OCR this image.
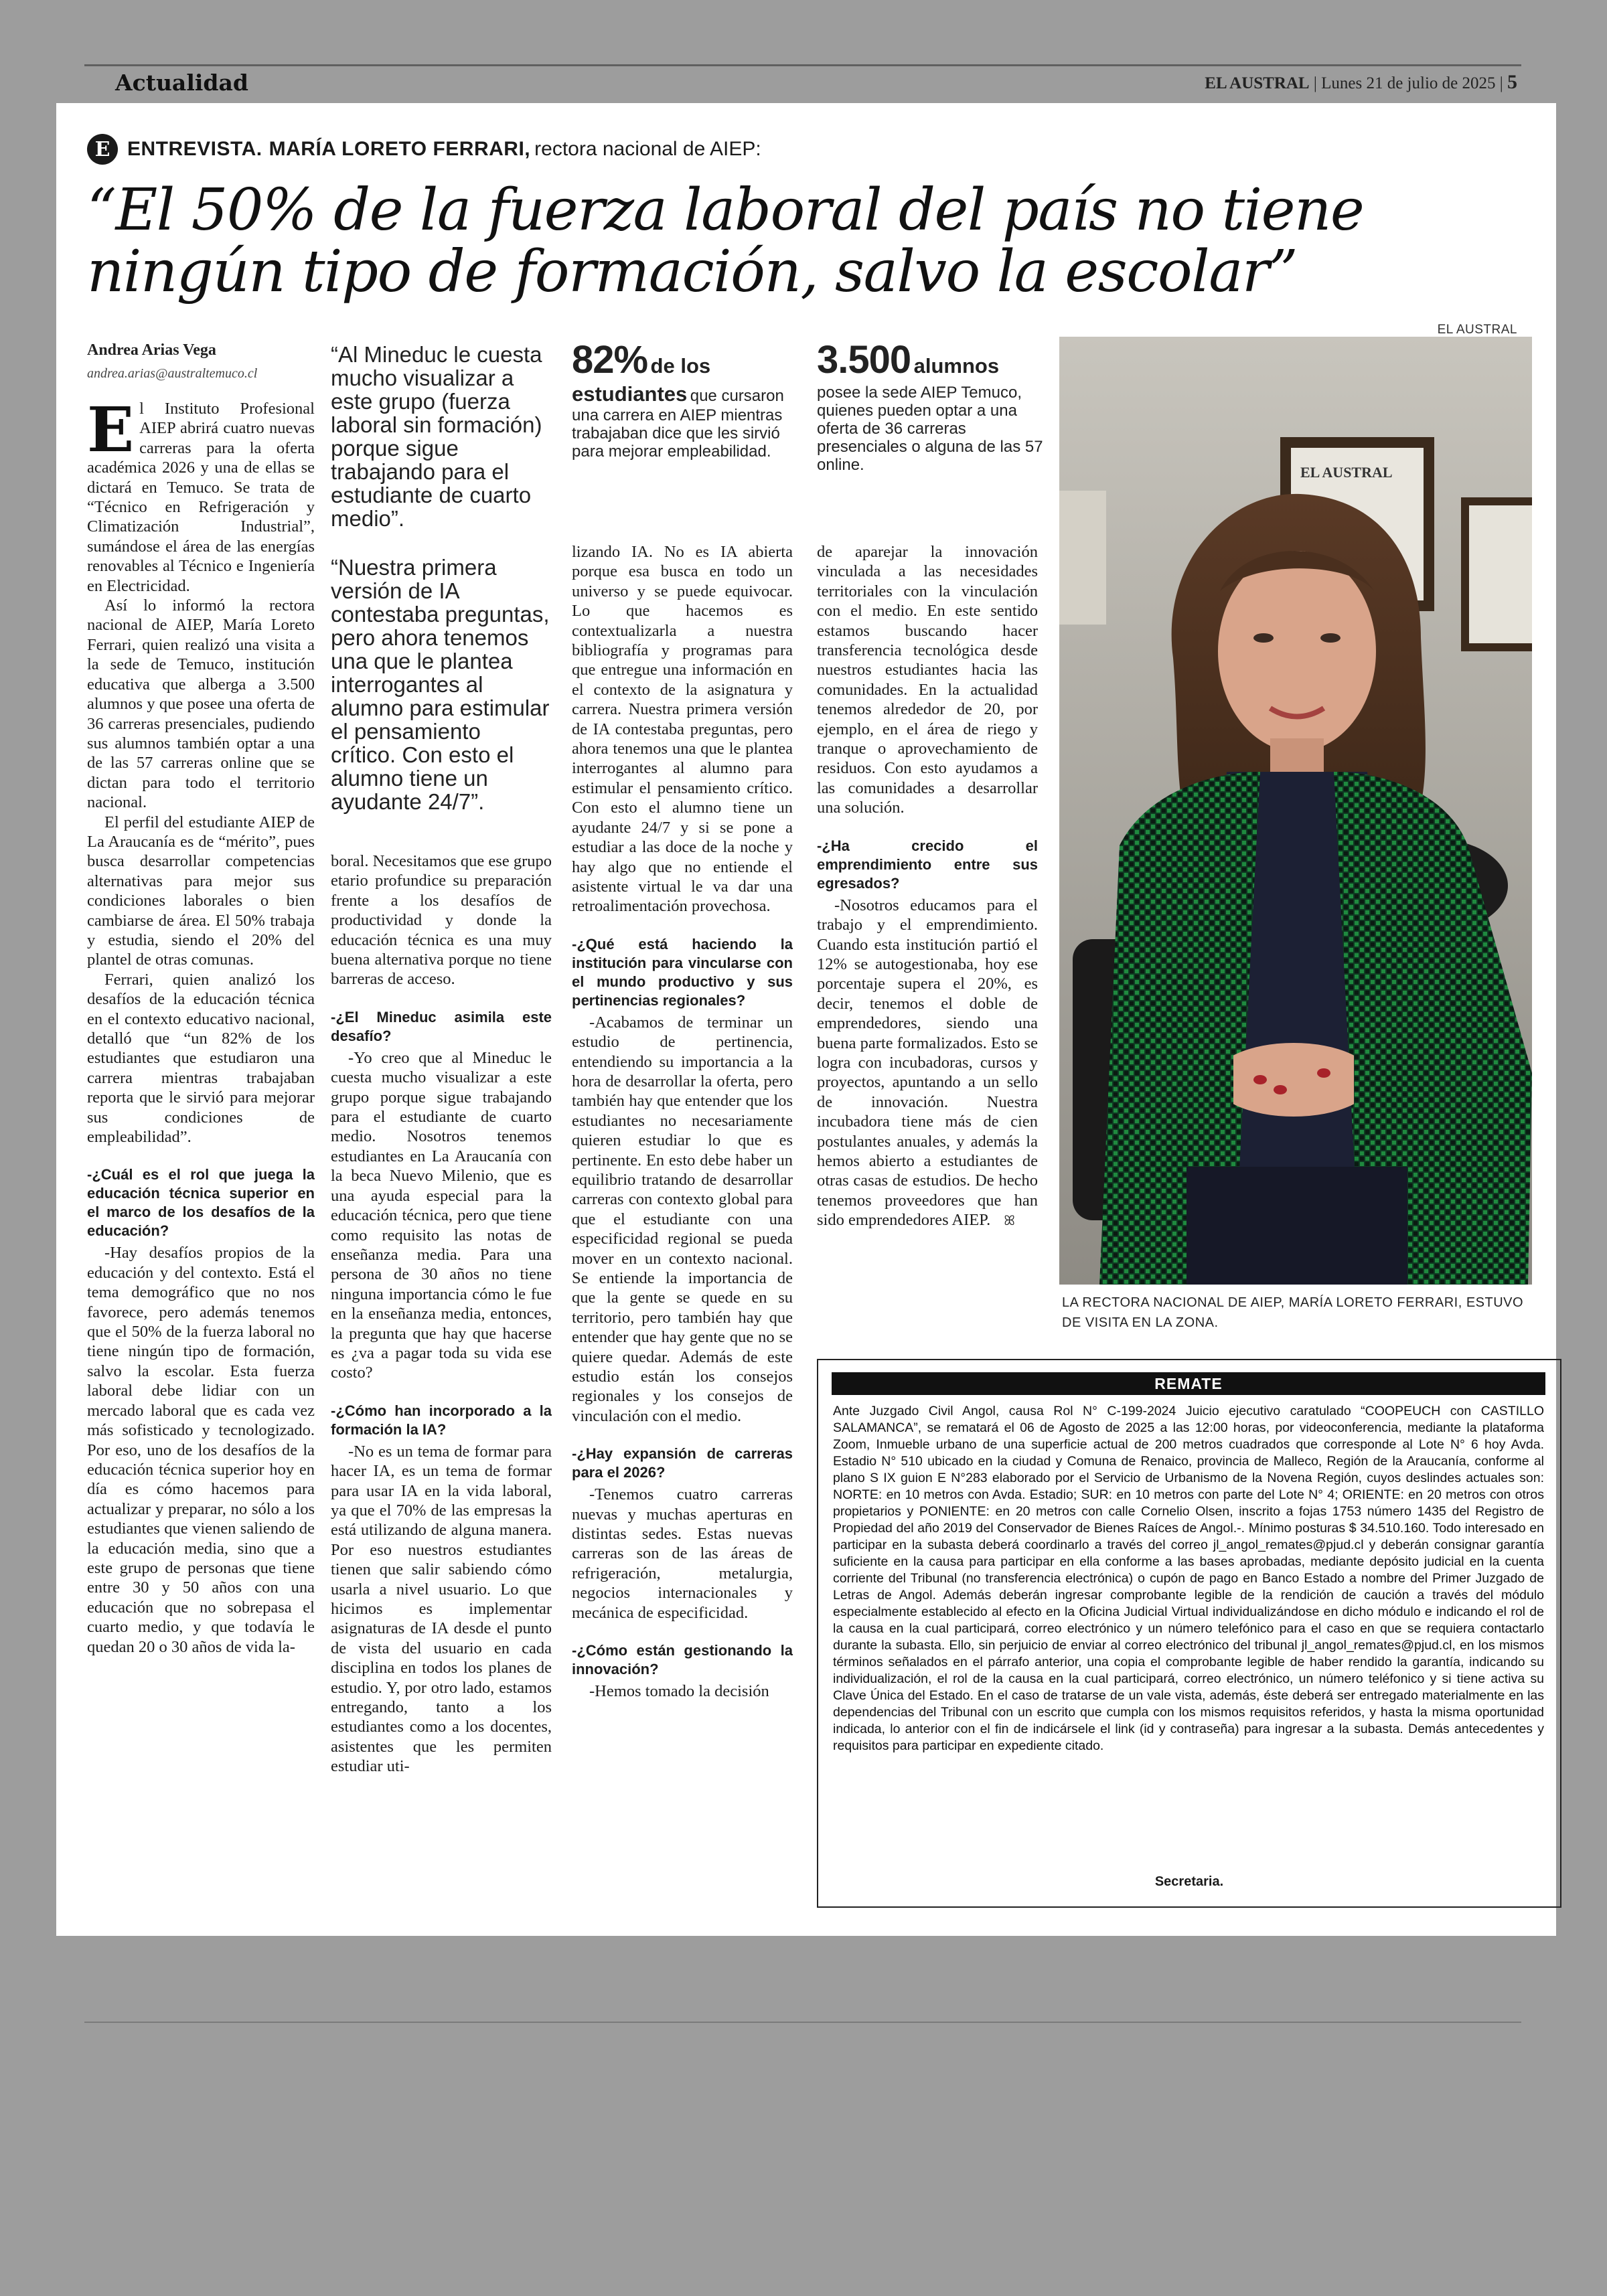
Actualidad	EL AUSTRAL | Lunes 21 de julio de 2025 | 5
E ENTREVISTA. MARÍA LORETO FERRARI, rectora nacional de AIEP:
“El 50% de la fuerza laboral del país no tiene ningún tipo de formación, salvo la escolar”
EL AUSTRAL
Andrea Arias Vega
andrea.arias@australtemuco.cl

El Instituto Profesional AIEP abrirá cuatro nuevas carreras para la oferta académica 2026 y una de ellas se dictará en Temuco. Se trata de “Técnico en Refrigeración y Climatización Industrial”, sumándose el área de las energías renovables al Técnico e Ingeniería en Electricidad.

Así lo informó la rectora nacional de AIEP, María Loreto Ferrari, quien realizó una visita a la sede de Temuco, institución educativa que alberga a 3.500 alumnos y que posee una oferta de 36 carreras presenciales, pudiendo sus alumnos también optar a una de las 57 carreras online que se dictan para todo el territorio nacional.

El perfil del estudiante AIEP de La Araucanía es de “mérito”, pues busca desarrollar competencias alternativas para mejor sus condiciones laborales o bien cambiarse de área. El 50% trabaja y estudia, siendo el 20% del plantel de otras comunas.

Ferrari, quien analizó los desafíos de la educación técnica en el contexto educativo nacional, detalló que “un 82% de los estudiantes que estudiaron una carrera mientras trabajaban reporta que le sirvió para mejorar sus condiciones de empleabilidad”.

-¿Cuál es el rol que juega la educación técnica superior en el marco de los desafíos de la educación?

-Hay desafíos propios de la educación y del contexto. Está el tema demográfico que no nos favorece, pero además tenemos que el 50% de la fuerza laboral no tiene ningún tipo de formación, salvo la escolar. Esta fuerza laboral debe lidiar con un mercado laboral que es cada vez más sofisticado y tecnologizado. Por eso, uno de los desafíos de la educación técnica superior hoy en día es cómo hacemos para actualizar y preparar, no sólo a los estudiantes que vienen saliendo de la educación media, sino que a este grupo de personas que tiene entre 30 y 50 años con una educación que no sobrepasa el cuarto medio, y que todavía le quedan 20 o 30 años de vida la-

“Al Mineduc le cuesta mucho visualizar a este grupo (fuerza laboral sin formación) porque sigue trabajando para el estudiante de cuarto medio”.
“Nuestra primera versión de IA contestaba preguntas, pero ahora tenemos una que le plantea interrogantes al alumno para estimular el pensamiento crítico. Con esto el alumno tiene un ayudante 24/7”.

boral. Necesitamos que ese grupo etario profundice su preparación frente a los desafíos de productividad y donde la educación técnica es una muy buena alternativa porque no tiene barreras de acceso.

-¿El Mineduc asimila este desafío?

-Yo creo que al Mineduc le cuesta mucho visualizar a este grupo porque sigue trabajando para el estudiante de cuarto medio. Nosotros tenemos estudiantes en La Araucanía con la beca Nuevo Milenio, que es una ayuda especial para la educación técnica, pero que tiene como requisito las notas de enseñanza media. Para una persona de 30 años no tiene ninguna importancia cómo le fue en la enseñanza media, entonces, la pregunta que hay que hacerse es ¿va a pagar toda su vida ese costo?

-¿Cómo han incorporado a la formación la IA?

-No es un tema de formar para hacer IA, es un tema de formar para usar IA en la vida laboral, ya que el 70% de las empresas la está utilizando de alguna manera. Por eso nuestros estudiantes tienen que salir sabiendo cómo usarla a nivel usuario. Lo que hicimos es implementar asignaturas de IA desde el punto de vista del usuario en cada disciplina en todos los planes de estudio. Y, por otro lado, estamos entregando, tanto a los estudiantes como a los docentes, asistentes que les permiten estudiar uti-

82% de los estudiantes que cursaron una carrera en AIEP mientras trabajaban dice que les sirvió para mejorar empleabilidad.

lizando IA. No es IA abierta porque esa busca en todo un universo y se puede equivocar. Lo que hacemos es contextualizarla a nuestra bibliografía y programas para que entregue una información en el contexto de la asignatura y carrera. Nuestra primera versión de IA contestaba preguntas, pero ahora tenemos una que le plantea interrogantes al alumno para estimular el pensamiento crítico. Con esto el alumno tiene un ayudante 24/7 y si se pone a estudiar a las doce de la noche y hay algo que no entiende el asistente virtual le va dar una retroalimentación provechosa.

-¿Qué está haciendo la institución para vincularse con el mundo productivo y sus pertinencias regionales?

-Acabamos de terminar un estudio de pertinencia, entendiendo su importancia a la hora de desarrollar la oferta, pero también hay que entender que los estudiantes no necesariamente quieren estudiar lo que es pertinente. En esto debe haber un equilibrio tratando de desarrollar carreras con contexto global para que el estudiante con una especificidad regional se pueda mover en un contexto nacional. Se entiende la importancia de que la gente se quede en su territorio, pero también hay que entender que hay gente que no se quiere quedar. Además de este estudio están los consejos regionales y los consejos de vinculación con el medio.

-¿Hay expansión de carreras para el 2026?

-Tenemos cuatro carreras nuevas y muchas aperturas en distintas sedes. Estas nuevas carreras son de las áreas de refrigeración, metalurgia, negocios internacionales y mecánica de especificidad.

-¿Cómo están gestionando la innovación?

-Hemos tomado la decisión

3.500 alumnos
posee la sede AIEP Temuco, quienes pueden optar a una oferta de 36 carreras presenciales o alguna de las 57 online.

de aparejar la innovación vinculada a las necesidades territoriales con la vinculación con el medio. En este sentido estamos buscando hacer transferencia tecnológica desde nuestros estudiantes hacia las comunidades. En la actualidad tenemos alrededor de 20, por ejemplo, en el área de riego y tranque o aprovechamiento de residuos. Con esto ayudamos a las comunidades a desarrollar una solución.

-¿Ha crecido el emprendimiento entre sus egresados?

-Nosotros educamos para el trabajo y el emprendimiento. Cuando esta institución partió el 12% se autogestionaba, hoy ese porcentaje supera el 20%, es decir, tenemos el doble de emprendedores, siendo una buena parte formalizados. Esto se logra con incubadoras, cursos y proyectos, apuntando a un sello de innovación. Nuestra incubadora tiene más de cien postulantes anuales, y además la hemos abierto a estudiantes de otras casas de estudios. De hecho tenemos proveedores que han sido emprendedores AIEP. ꕤ

EL AUSTRAL
LA RECTORA NACIONAL DE AIEP, MARÍA LORETO FERRARI, ESTUVO DE VISITA EN LA ZONA.
REMATE
Ante Juzgado Civil Angol, causa Rol N° C-199-2024 Juicio ejecutivo caratulado “COOPEUCH con CASTILLO SALAMANCA”, se rematará el 06 de Agosto de 2025 a las 12:00 horas, por videoconferencia, mediante la plataforma Zoom, Inmueble urbano de una superficie actual de 200 metros cuadrados que corresponde al Lote N° 6 hoy Avda. Estadio N° 510 ubicado en la ciudad y Comuna de Renaico, provincia de Malleco, Región de la Araucanía, conforme al plano S IX guion E N°283 elaborado por el Servicio de Urbanismo de la Novena Región, cuyos deslindes actuales son: NORTE: en 10 metros con Avda. Estadio; SUR: en 10 metros con parte del Lote N° 4; ORIENTE: en 20 metros con otros propietarios y PONIENTE: en 20 metros con calle Cornelio Olsen, inscrito a fojas 1753 número 1435 del Registro de Propiedad del año 2019 del Conservador de Bienes Raíces de Angol.-. Mínimo posturas $ 34.510.160. Todo interesado en participar en la subasta deberá coordinarlo a través del correo jl_angol_remates@pjud.cl y deberán consignar garantía suficiente en la causa para participar en ella conforme a las bases aprobadas, mediante depósito judicial en la cuenta corriente del Tribunal (no transferencia electrónica) o cupón de pago en Banco Estado a nombre del Primer Juzgado de Letras de Angol. Además deberán ingresar comprobante legible de la rendición de caución a través del módulo especialmente establecido al efecto en la Oficina Judicial Virtual individualizándose en dicho módulo e indicando el rol de la causa en la cual participará, correo electrónico y un número telefónico para el caso en que se requiera contactarlo durante la subasta. Ello, sin perjuicio de enviar al correo electrónico del tribunal jl_angol_remates@pjud.cl, en los mismos términos señalados en el párrafo anterior, una copia el comprobante legible de haber rendido la garantía, indicando su individualización, el rol de la causa en la cual participará, correo electrónico, un número teléfonico y si tiene activa su Clave Única del Estado. En el caso de tratarse de un vale vista, además, éste deberá ser entregado materialmente en las dependencias del Tribunal con un escrito que cumpla con los mismos requisitos referidos, y hasta la misma oportunidad indicada, lo anterior con el fin de indicársele el link (id y contraseña) para ingresar a la subasta. Demás antecedentes y requisitos para participar en expediente citado.
Secretaria.
